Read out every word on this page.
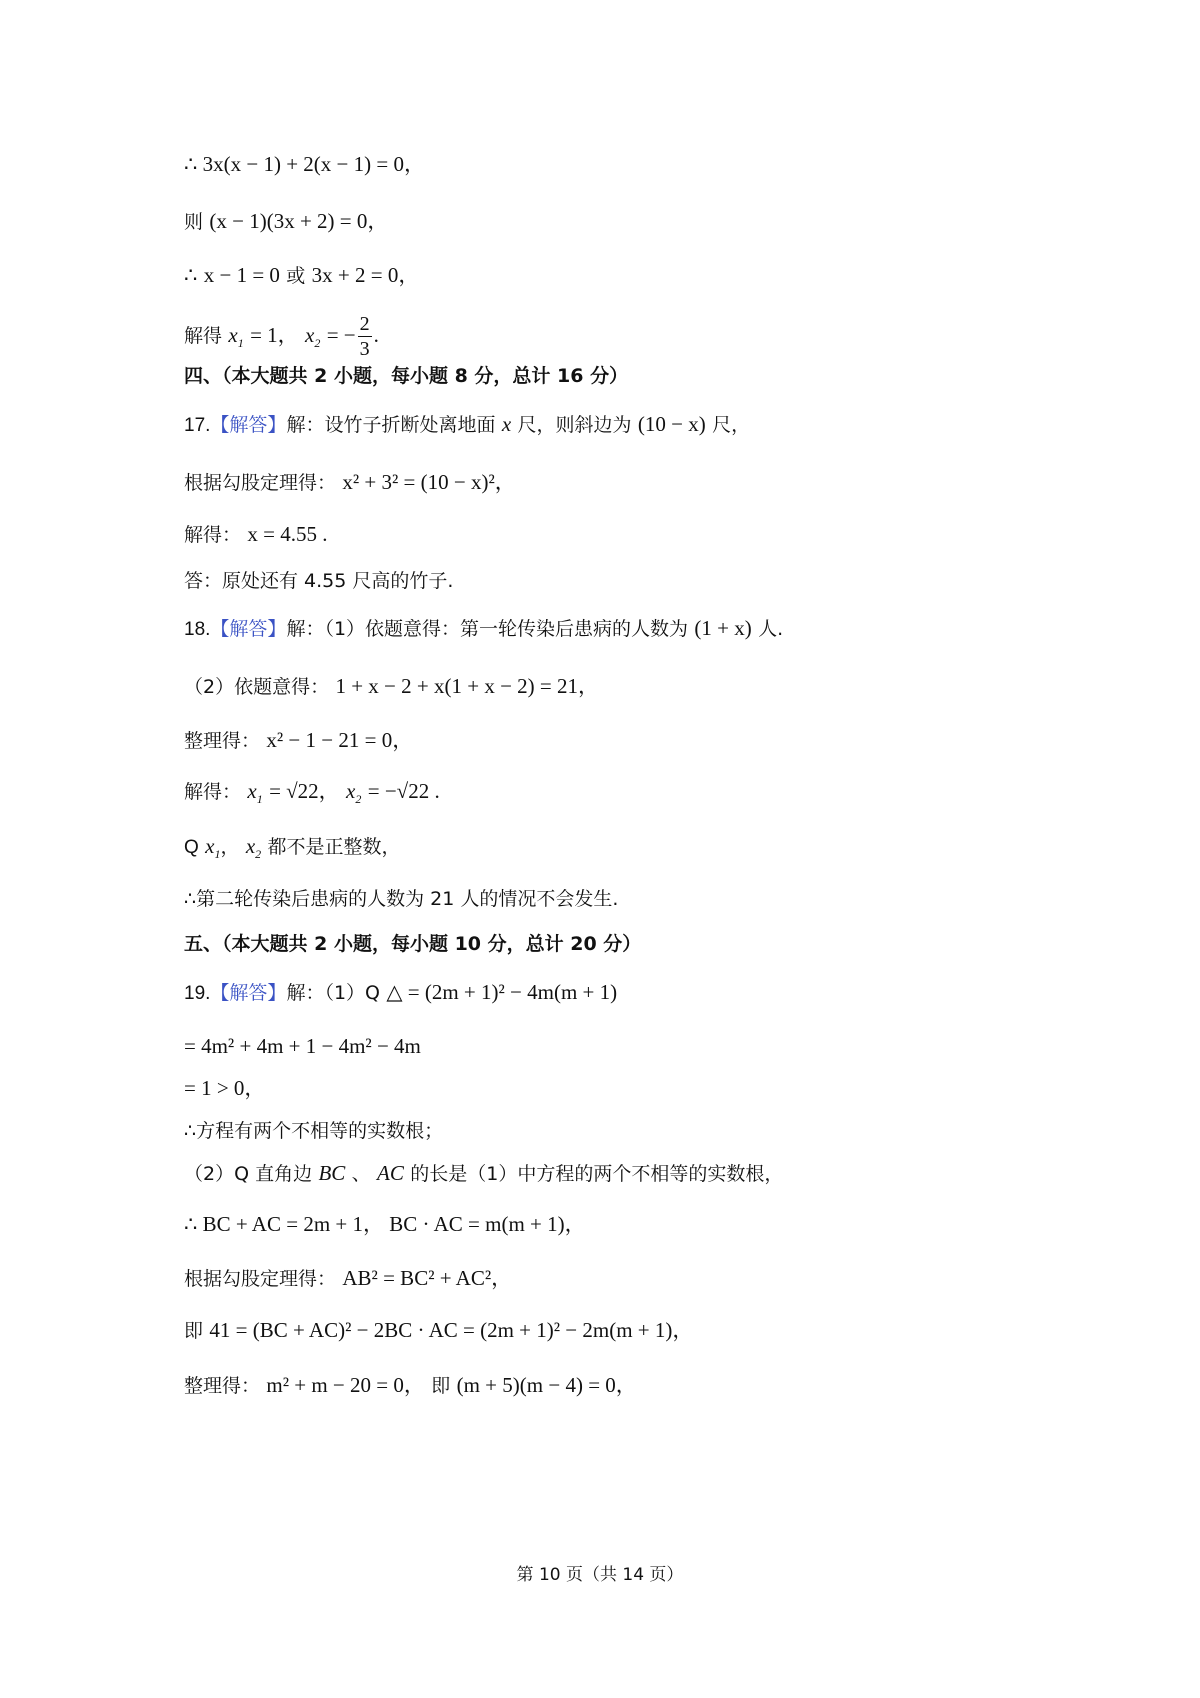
∴ 3x(x − 1) + 2(x − 1) = 0，
则 (x − 1)(3x + 2) = 0，
∴ x − 1 = 0 或 3x + 2 = 0，
解得 $x_1 = 1$， $x_2$ = − $\frac{2}{3}$ .
四、（本大题共 2 小题，每小题 8 分，总计 16 分）
17.【解答】解：设竹子折断处离地面 x 尺，则斜边为 (10 − x) 尺，
根据勾股定理得： x² + 3² = (10 − x)²，
解得： x = 4.55 .
答：原处还有 4.55 尺高的竹子.
18.【解答】解：（1）依题意得：第一轮传染后患病的人数为 (1 + x) 人.
（2）依题意得： 1 + x − 2 + x(1 + x − 2) = 21，
整理得： x² − 1 − 21 = 0，
解得： $x_1 = √22$， $x_2 = -√22$ .
Q $x_1$， $x_2$ 都不是正整数，
∴第二轮传染后患病的人数为 21 人的情况不会发生.
五、（本大题共 2 小题，每小题 10 分，总计 20 分）
19.【解答】解：（1）Q △ = (2m + 1)² − 4m(m + 1)
= 4m² + 4m + 1 − 4m² − 4m
= 1 > 0，
∴方程有两个不相等的实数根；
（2）Q 直角边 BC 、 AC 的长是（1）中方程的两个不相等的实数根，
∴ BC + AC = 2m + 1， BC · AC = m(m + 1)，
根据勾股定理得： AB² = BC² + AC²，
即 41 = (BC + AC)² − 2BC · AC = (2m + 1)² − 2m(m + 1)，
整理得： m² + m − 20 = 0， 即 (m + 5)(m − 4) = 0，
第 10 页（共 14 页）
